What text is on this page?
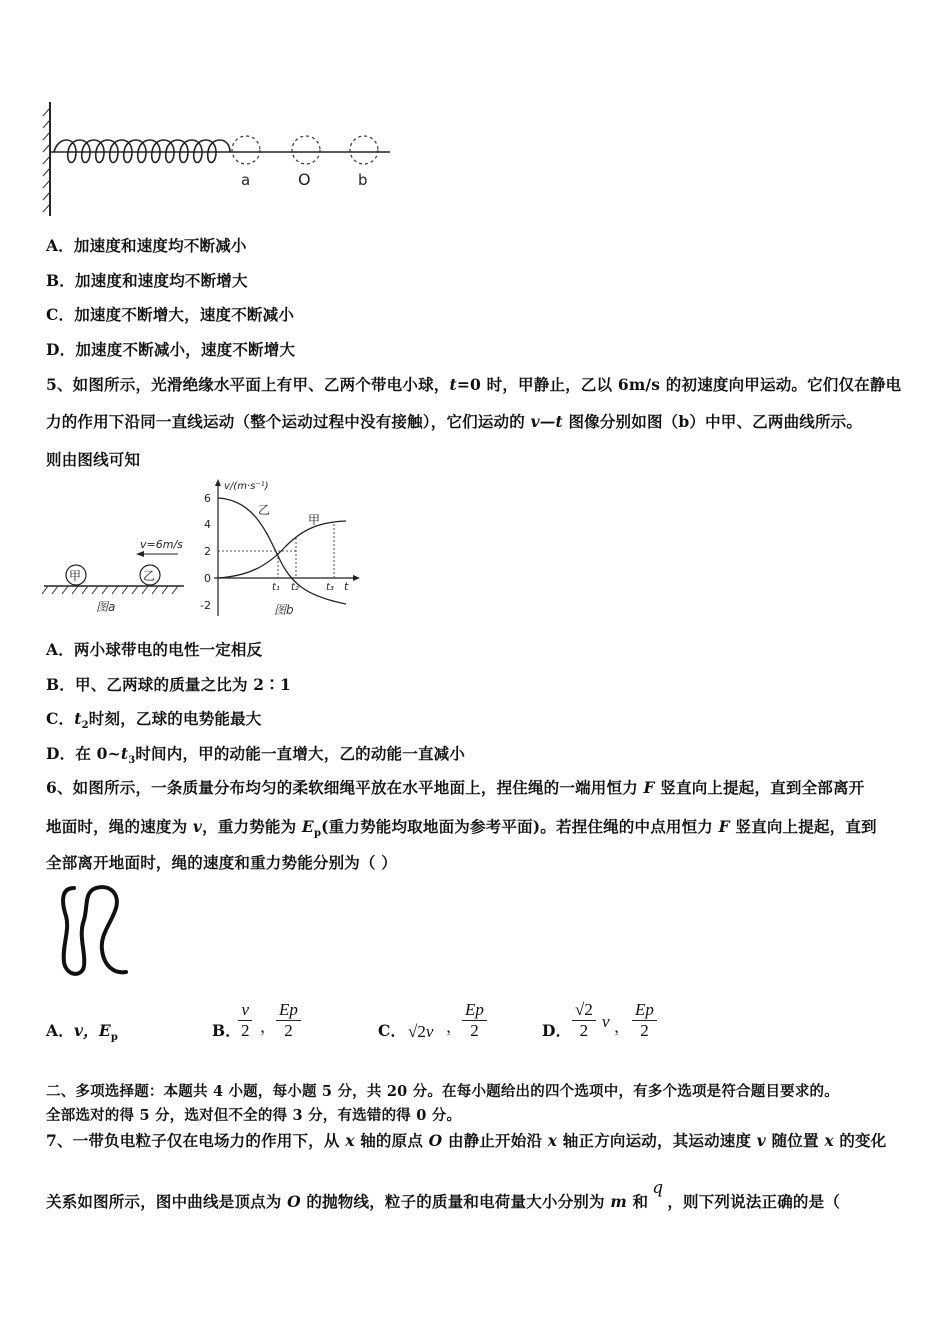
a	O	b
A．加速度和速度均不断减小
B．加速度和速度均不断增大
C．加速度不断增大，速度不断减小
D．加速度不断减小，速度不断增大
5、如图所示，光滑绝缘水平面上有甲、乙两个带电小球，t=0 时，甲静止，乙以 6m/s 的初速度向甲运动。它们仅在静电
力的作用下沿同一直线运动（整个运动过程中没有接触），它们运动的 v—t 图像分别如图（b）中甲、乙两曲线所示。
则由图线可知
v=6m/s
甲	乙
图a
v/(m·s⁻¹)
t
6
4
2
0
-2
乙
甲
t₁ t₂	t₃
图b
A．两小球带电的电性一定相反
B．甲、乙两球的质量之比为 2∶1
C．$t_2$时刻，乙球的电势能最大
D．在 $0\sim t_3$时间内，甲的动能一直增大，乙的动能一直减小
6、如图所示，一条质量分布均匀的柔软细绳平放在水平地面上，捏住绳的一端用恒力 F 竖直向上提起，直到全部离开
地面时，绳的速度为 v，重力势能为 $E_p$(重力势能均取地面为参考平面)。若捏住绳的中点用恒力 F 竖直向上提起，直到
全部离开地面时，绳的速度和重力势能分别为（ ）
A．v，$E_p$	B．
$\frac{v}{2}$ ， $\frac{Ep}{2}$	C． √2v ， $\frac{Ep}{2}$	D． $\frac{√2}{2}$ v ， $\frac{Ep}{2}$
二、多项选择题：本题共 4 小题，每小题 5 分，共 20 分。在每小题给出的四个选项中，有多个选项是符合题目要求的。
全部选对的得 5 分，选对但不全的得 3 分，有选错的得 0 分。
7、一带负电粒子仅在电场力的作用下，从 x 轴的原点 O 由静止开始沿 x 轴正方向运动，其运动速度 v 随位置 x 的变化
关系如图所示，图中曲线是顶点为 O 的抛物线，粒子的质量和电荷量大小分别为 m 和q，则下列说法正确的是（
